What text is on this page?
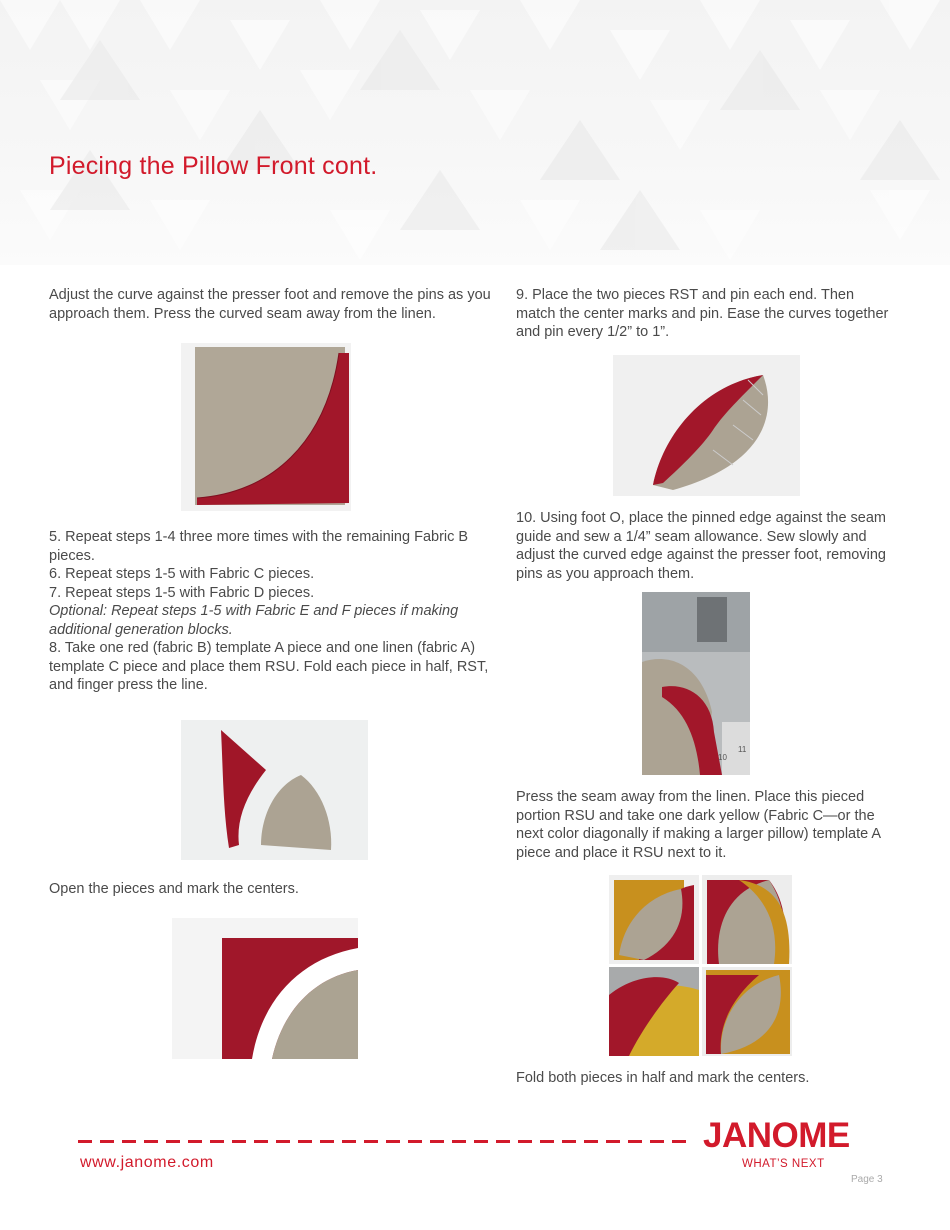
Piecing the Pillow Front cont.

Adjust the curve against the presser foot and remove the pins as you approach them. Press the curved seam away from the linen.

5. Repeat steps 1-4 three more times with the remaining Fabric B pieces.

6. Repeat steps 1-5 with Fabric C pieces.

7. Repeat steps 1-5 with Fabric D pieces.

Optional: Repeat steps 1-5 with Fabric E and F pieces if making additional generation blocks.

8. Take one red (fabric B) template A piece and one linen (fabric A) template C piece and place them RSU. Fold each piece in half, RST, and finger press the line.

Open the pieces and mark the centers.

9. Place the two pieces RST and pin each end. Then match the center marks and pin. Ease the curves together and pin every 1/2” to 1”.

10. Using foot O, place the pinned edge against the seam guide and sew a 1/4” seam allowance. Sew slowly and adjust the curved edge against the presser foot, removing pins as you approach them.

10
11

Press the seam away from the linen. Place this pieced portion RSU and take one dark yellow (Fabric C—or the next color diagonally if making a larger pillow) template A piece and place it RSU next to it.

Fold both pieces in half and mark the centers.

www.janome.com
JANOME
WHAT’S NEXT
Page 3
